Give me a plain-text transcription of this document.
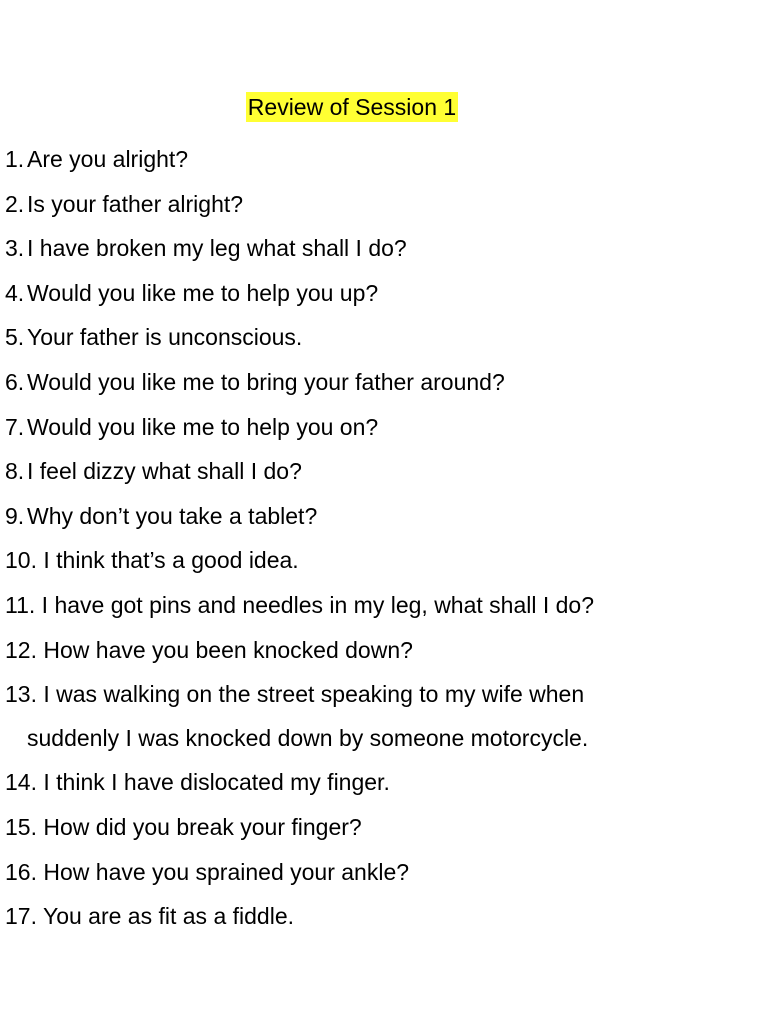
Review of Session 1
1. Are you alright?
2. Is your father alright?
3. I have broken my leg what shall I do?
4. Would you like me to help you up?
5. Your father is unconscious.
6. Would you like me to bring your father around?
7. Would you like me to help you on?
8. I feel dizzy what shall I do?
9. Why don’t you take a tablet?
10. I think that’s a good idea.
11. I have got pins and needles in my leg, what shall I do?
12. How have you been knocked down?
13. I was walking on the street speaking to my wife when
suddenly I was knocked down by someone motorcycle.
14. I think I have dislocated my finger.
15. How did you break your finger?
16. How have you sprained your ankle?
17. You are as fit as a fiddle.
